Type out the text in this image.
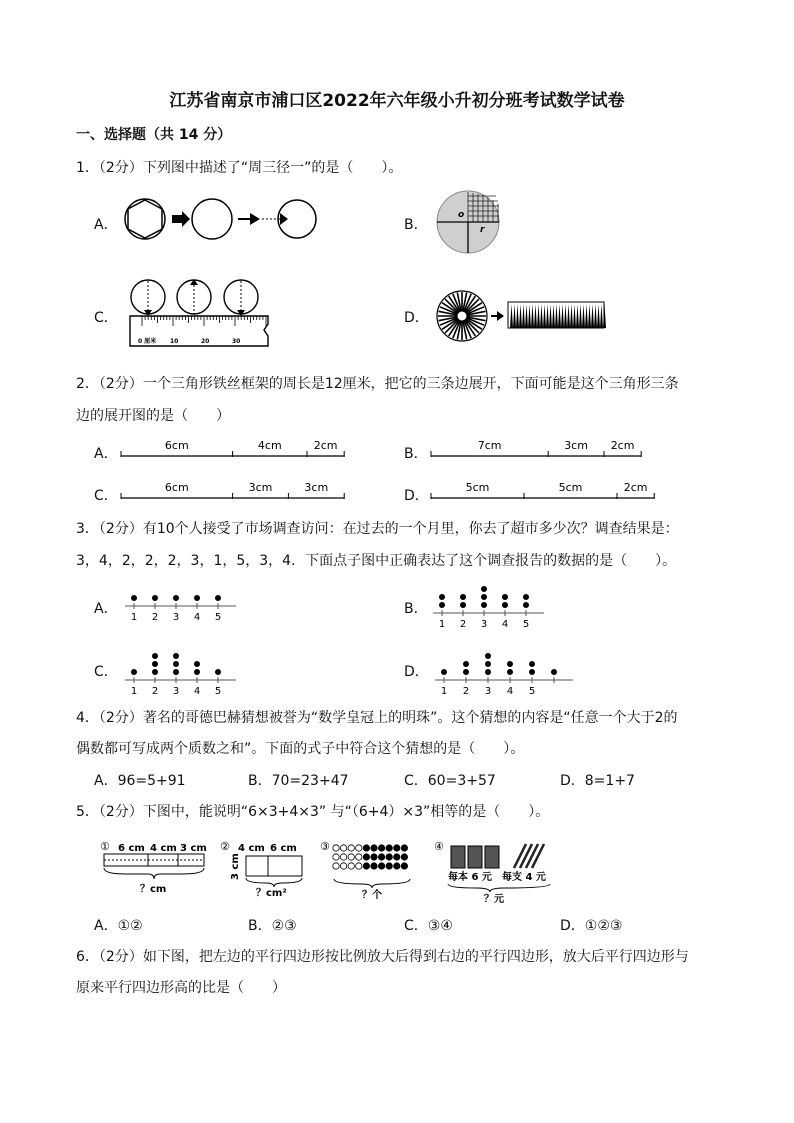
江苏省南京市浦口区2022年六年级小升初分班考试数学试卷
一、选择题（共 14 分）
1．（2分）下列图中描述了“周三径一”的是（　　）。
A．	B．
C．	D．
o
r
0 厘米 10	20	30
2．（2分）一个三角形铁丝框架的周长是12厘米，把它的三条边展开，下面可能是这个三角形三条
边的展开图的是（　　）
A．	B．
C．	D．
6cm	4cm	2cm	7cm	3cm 2cm
6cm	3cm	3cm	5cm	5cm	2cm
3．（2分）有10个人接受了市场调查访问：在过去的一个月里，你去了超市多少次？调查结果是：
3，4，2，2，2，3，1，5，3，4．下面点子图中正确表达了这个调查报告的数据的是（　　）。
A．	B．
C．	D．
1 2 3 4 5
1 2 3 4 5
1 2 3 4 5	1 2 3 4 5
4．（2分）著名的哥德巴赫猜想被誉为“数学皇冠上的明珠”。这个猜想的内容是“任意一个大于2的
偶数都可写成两个质数之和”。下面的式子中符合这个猜想的是（　　）。
A．96=5+91	B．70=23+47	C．60=3+57	D．8=1+7
5．（2分）下图中，能说明“6×3+4×3” 与“（6+4）×3”相等的是（　　）。
① 6 cm 4 cm 3 cm
？cm
② 4 cm 6 cm
3 cm
？cm²
③
？个
④
每本 6 元 每支 4 元
？元
A．①②	B．②③	C．③④	D．①②③
6．（2分）如下图，把左边的平行四边形按比例放大后得到右边的平行四边形，放大后平行四边形与
原来平行四边形高的比是（　　）
